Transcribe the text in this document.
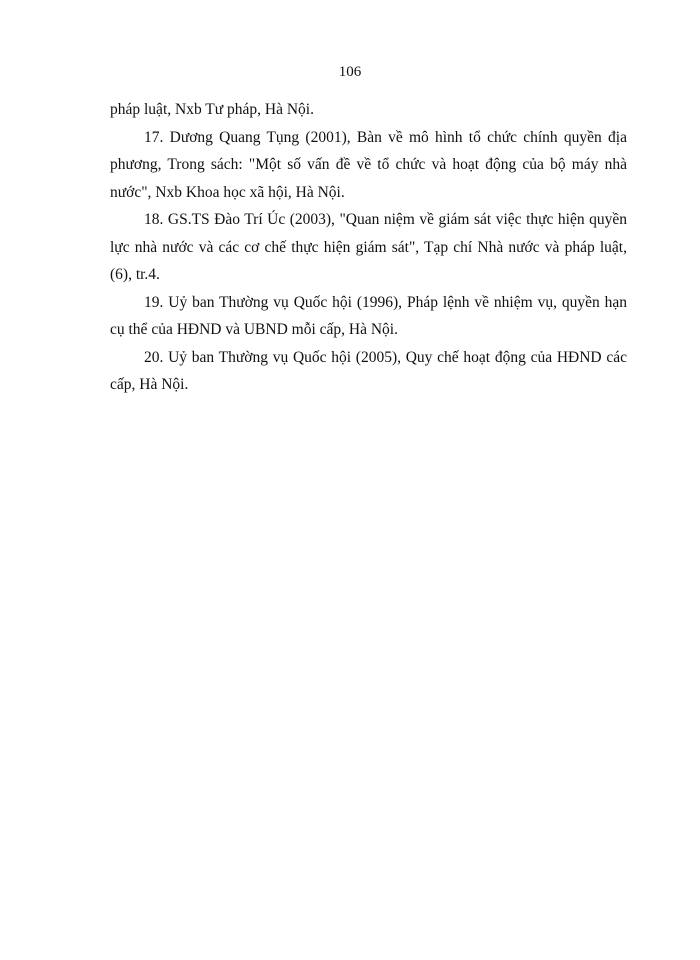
106

pháp luật, Nxb Tư pháp, Hà Nội.

17. Dương Quang Tụng (2001), Bàn về mô hình tổ chức chính quyền địa phương, Trong sách: "Một số vấn đề về tổ chức và hoạt động của bộ máy nhà nước", Nxb Khoa học xã hội, Hà Nội.

18. GS.TS Đào Trí Úc (2003), "Quan niệm về giám sát việc thực hiện quyền lực nhà nước và các cơ chế thực hiện giám sát", Tạp chí Nhà nước và pháp luật, (6), tr.4.

19. Uỷ ban Thường vụ Quốc hội (1996), Pháp lệnh về nhiệm vụ, quyền hạn cụ thể của HĐND và UBND mỗi cấp, Hà Nội.

20. Uỷ ban Thường vụ Quốc hội (2005), Quy chế hoạt động của HĐND các cấp, Hà Nội.
